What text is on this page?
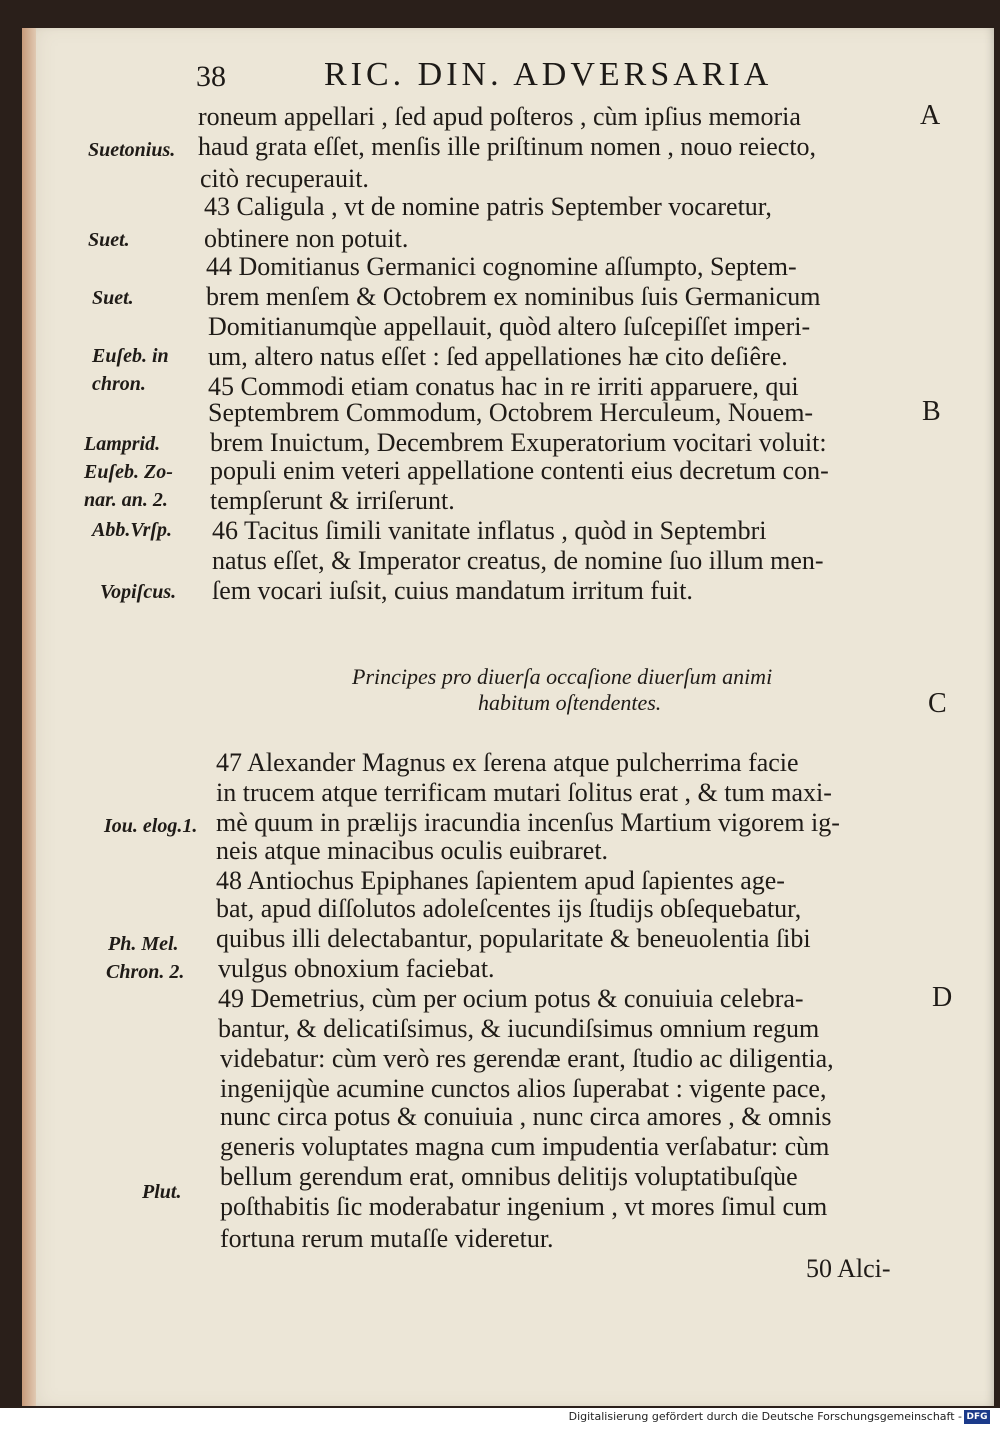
38	RIC. DIN. ADVERSARIA
roneum appellari , ſed apud poſteros , cùm ipſius memoria
haud grata eſſet, menſis ille priſtinum nomen , nouo reiecto,
citò recuperauit.
43 Caligula , vt de nomine patris September vocaretur,
obtinere non potuit.
44 Domitianus Germanici cognomine aſſumpto, Septem-
brem menſem & Octobrem ex nominibus ſuis Germanicum
Domitianumqùe appellauit, quòd altero ſuſcepiſſet imperi-
um, altero natus eſſet : ſed appellationes hæ cito deſiêre.
45 Commodi etiam conatus hac in re irriti apparuere, qui
Septembrem Commodum, Octobrem Herculeum, Nouem-
brem Inuictum, Decembrem Exuperatorium vocitari voluit:
populi enim veteri appellatione contenti eius decretum con-
tempſerunt & irriſerunt.
46 Tacitus ſimili vanitate inflatus , quòd in Septembri
natus eſſet, & Imperator creatus, de nomine ſuo illum men-
ſem vocari iuſsit, cuius mandatum irritum fuit.
Principes pro diuerſa occaſione diuerſum animi
habitum oſtendentes.
47 Alexander Magnus ex ſerena atque pulcherrima facie
in trucem atque terrificam mutari ſolitus erat , & tum maxi-
mè quum in prælijs iracundia incenſus Martium vigorem ig-
neis atque minacibus oculis euibraret.
48 Antiochus Epiphanes ſapientem apud ſapientes age-
bat, apud diſſolutos adoleſcentes ijs ſtudijs obſequebatur,
quibus illi delectabantur, popularitate & beneuolentia ſibi
vulgus obnoxium faciebat.
49 Demetrius, cùm per ocium potus & conuiuia celebra-
bantur, & delicatiſsimus, & iucundiſsimus omnium regum
videbatur: cùm verò res gerendæ erant, ſtudio ac diligentia,
ingenijqùe acumine cunctos alios ſuperabat : vigente pace,
nunc circa potus & conuiuia , nunc circa amores , & omnis
generis voluptates magna cum impudentia verſabatur: cùm
bellum gerendum erat, omnibus delitijs voluptatibuſqùe
poſthabitis ſic moderabatur ingenium , vt mores ſimul cum
fortuna rerum mutaſſe videretur.
50 Alci-
Suetonius.
Suet.
Suet.
Euſeb. in
chron.
Lamprid.
Euſeb. Zo-
nar. an. 2.
Abb.Vrſp.
Vopiſcus.
Iou. elog.1.
Ph. Mel.
Chron. 2.
Plut.
A
B
C
D
Digitalisierung gefördert durch die Deutsche Forschungsgemeinschaft - DFG
